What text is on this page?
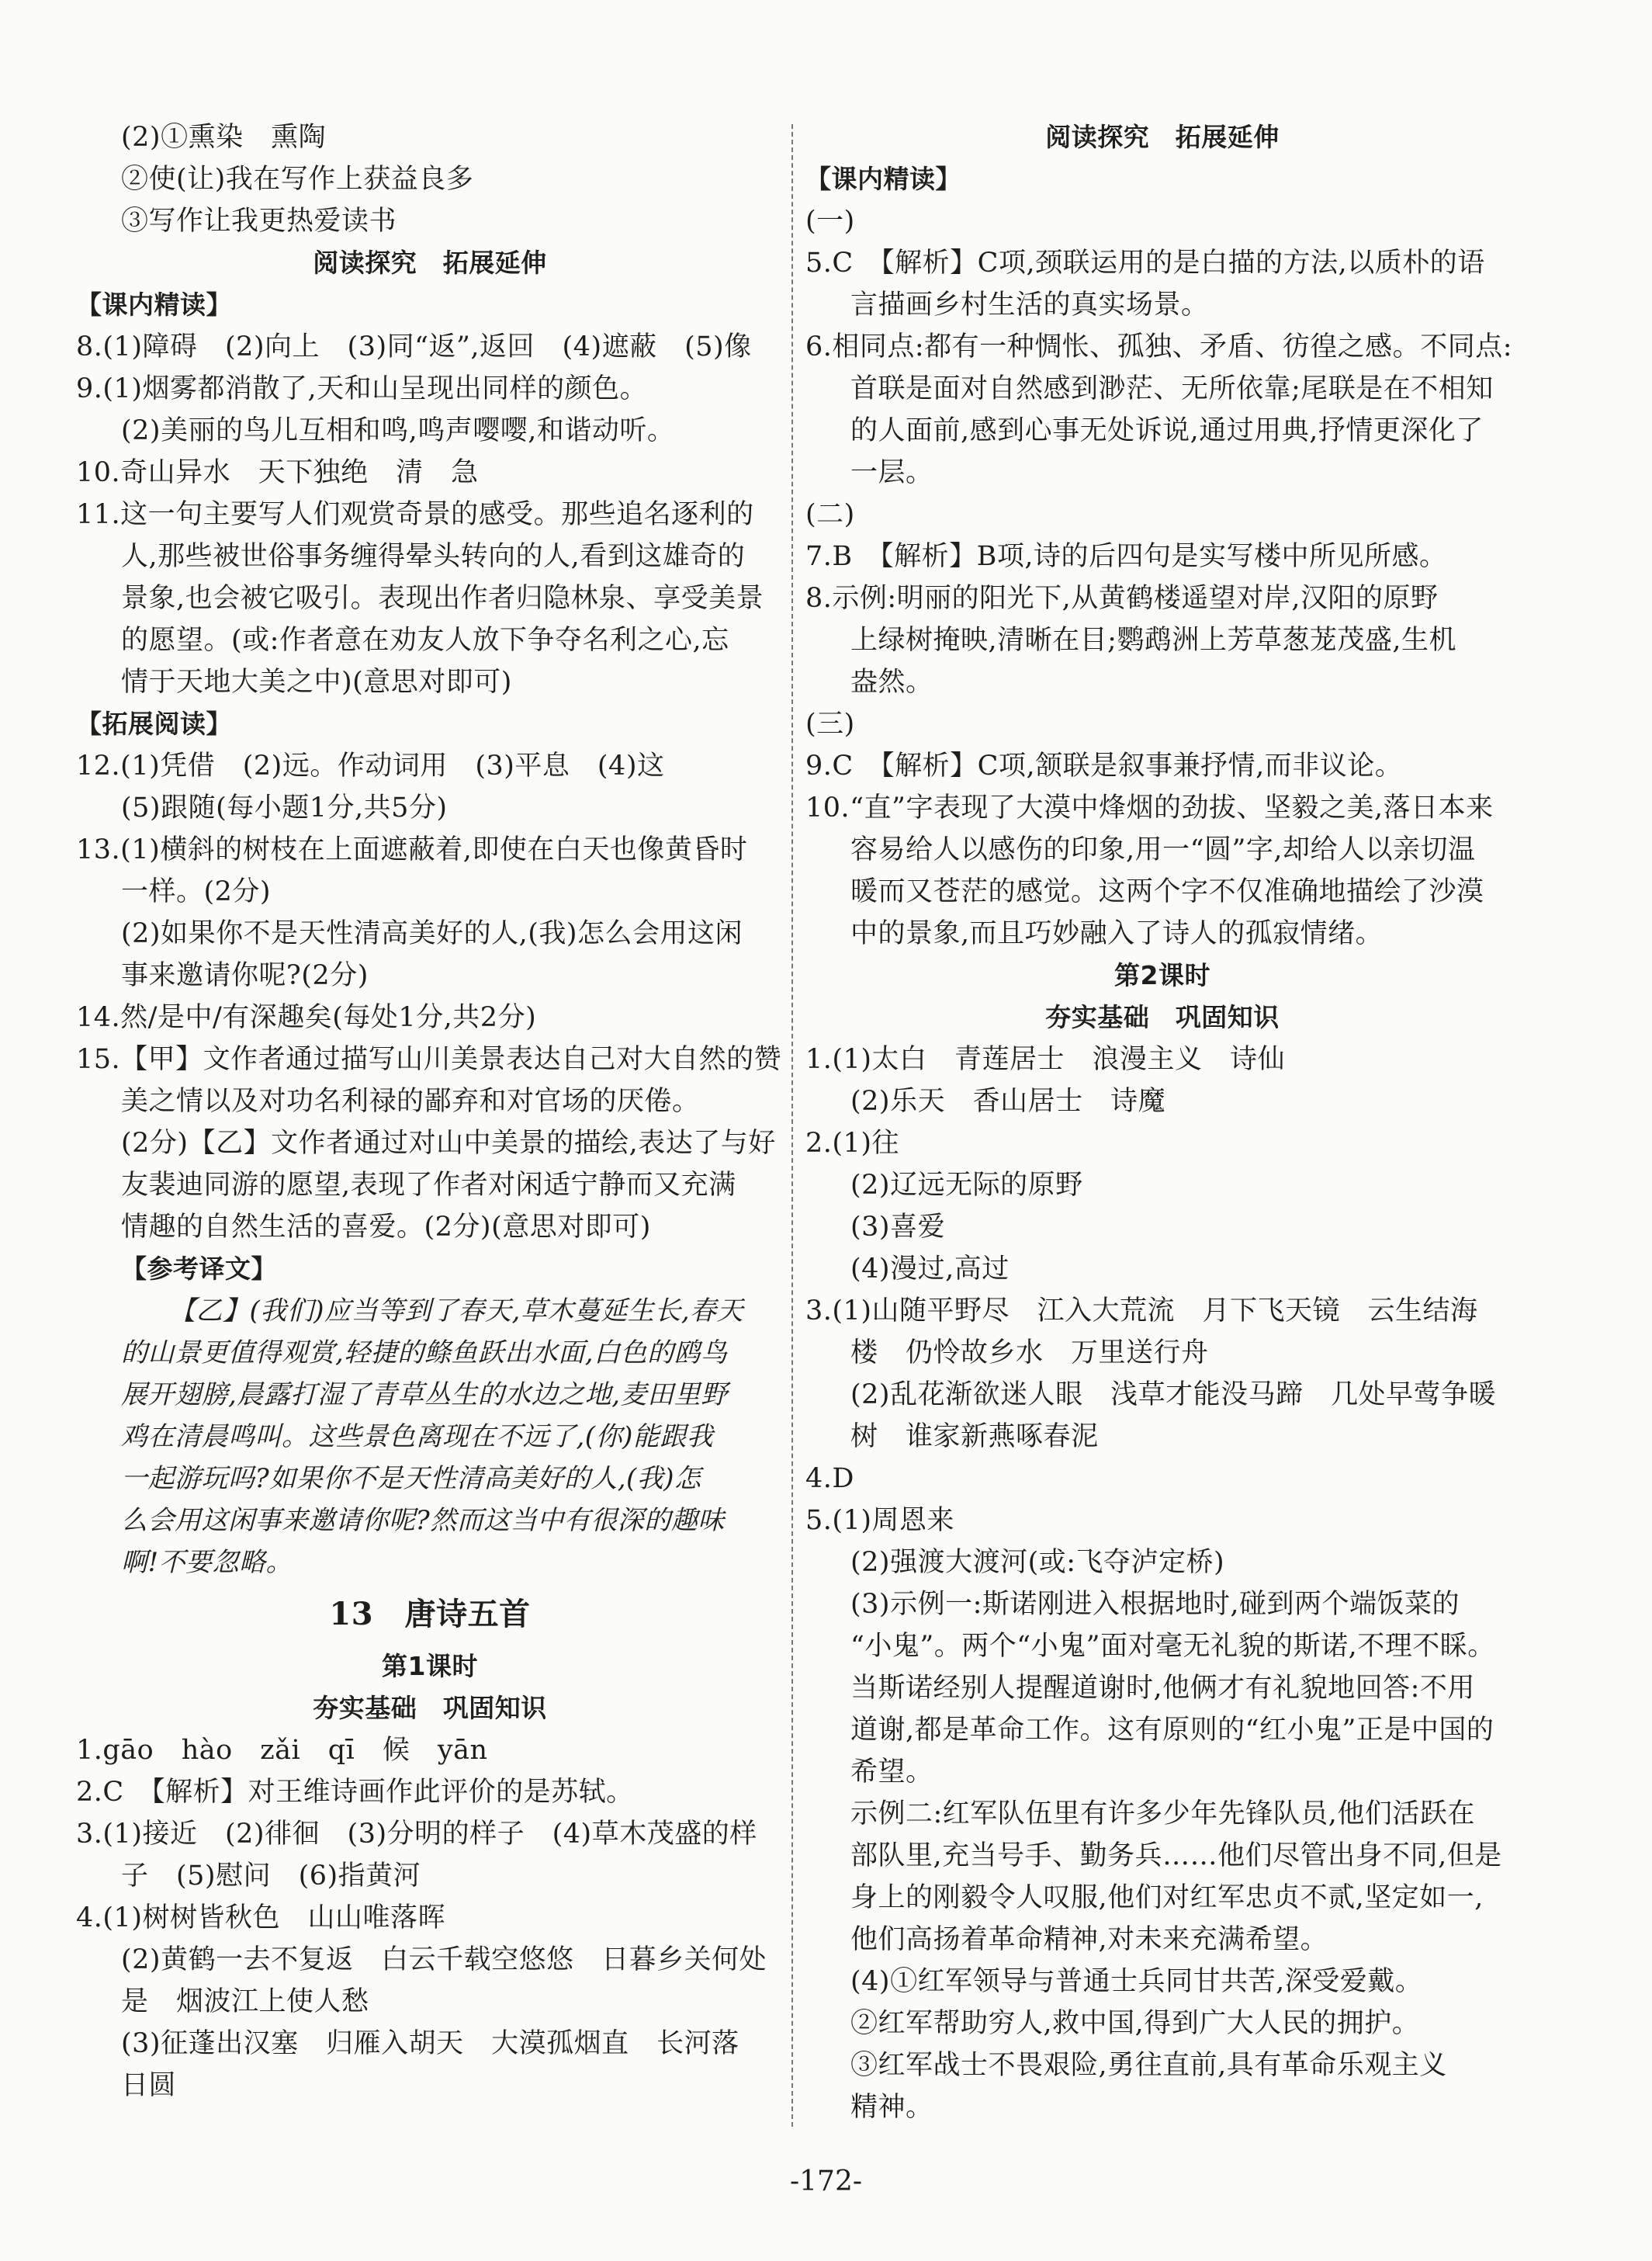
(2)①熏染　熏陶
②使(让)我在写作上获益良多
③写作让我更热爱读书
阅读探究　拓展延伸
【课内精读】
8.(1)障碍　(2)向上　(3)同“返”,返回　(4)遮蔽　(5)像
9.(1)烟雾都消散了,天和山呈现出同样的颜色。
(2)美丽的鸟儿互相和鸣,鸣声嘤嘤,和谐动听。
10.奇山异水　天下独绝　清　急
11.这一句主要写人们观赏奇景的感受。那些追名逐利的
人,那些被世俗事务缠得晕头转向的人,看到这雄奇的
景象,也会被它吸引。表现出作者归隐林泉、享受美景
的愿望。(或:作者意在劝友人放下争夺名利之心,忘
情于天地大美之中)(意思对即可)
【拓展阅读】
12.(1)凭借　(2)远。作动词用　(3)平息　(4)这
(5)跟随(每小题1分,共5分)
13.(1)横斜的树枝在上面遮蔽着,即使在白天也像黄昏时
一样。(2分)
(2)如果你不是天性清高美好的人,(我)怎么会用这闲
事来邀请你呢?(2分)
14.然/是中/有深趣矣(每处1分,共2分)
15.【甲】文作者通过描写山川美景表达自己对大自然的赞
美之情以及对功名利禄的鄙弃和对官场的厌倦。
(2分)【乙】文作者通过对山中美景的描绘,表达了与好
友裴迪同游的愿望,表现了作者对闲适宁静而又充满
情趣的自然生活的喜爱。(2分)(意思对即可)
【参考译文】
【乙】(我们)应当等到了春天,草木蔓延生长,春天
的山景更值得观赏,轻捷的鲦鱼跃出水面,白色的鸥鸟
展开翅膀,晨露打湿了青草丛生的水边之地,麦田里野
鸡在清晨鸣叫。这些景色离现在不远了,(你)能跟我
一起游玩吗?如果你不是天性清高美好的人,(我)怎
么会用这闲事来邀请你呢?然而这当中有很深的趣味
啊!不要忽略。
13　唐诗五首
第1课时
夯实基础　巩固知识
1.gāo　hào　zǎi　qī　候　yān
2.C　【解析】对王维诗画作此评价的是苏轼。
3.(1)接近　(2)徘徊　(3)分明的样子　(4)草木茂盛的样
子　(5)慰问　(6)指黄河
4.(1)树树皆秋色　山山唯落晖
(2)黄鹤一去不复返　白云千载空悠悠　日暮乡关何处
是　烟波江上使人愁
(3)征蓬出汉塞　归雁入胡天　大漠孤烟直　长河落
日圆
阅读探究　拓展延伸
【课内精读】
(一)
5.C　【解析】C项,颈联运用的是白描的方法,以质朴的语
言描画乡村生活的真实场景。
6.相同点:都有一种惆怅、孤独、矛盾、彷徨之感。不同点:
首联是面对自然感到渺茫、无所依靠;尾联是在不相知
的人面前,感到心事无处诉说,通过用典,抒情更深化了
一层。
(二)
7.B　【解析】B项,诗的后四句是实写楼中所见所感。
8.示例:明丽的阳光下,从黄鹤楼遥望对岸,汉阳的原野
上绿树掩映,清晰在目;鹦鹉洲上芳草葱茏茂盛,生机
盎然。
(三)
9.C　【解析】C项,颔联是叙事兼抒情,而非议论。
10.“直”字表现了大漠中烽烟的劲拔、坚毅之美,落日本来
容易给人以感伤的印象,用一“圆”字,却给人以亲切温
暖而又苍茫的感觉。这两个字不仅准确地描绘了沙漠
中的景象,而且巧妙融入了诗人的孤寂情绪。
第2课时
夯实基础　巩固知识
1.(1)太白　青莲居士　浪漫主义　诗仙
(2)乐天　香山居士　诗魔
2.(1)往
(2)辽远无际的原野
(3)喜爱
(4)漫过,高过
3.(1)山随平野尽　江入大荒流　月下飞天镜　云生结海
楼　仍怜故乡水　万里送行舟
(2)乱花渐欲迷人眼　浅草才能没马蹄　几处早莺争暖
树　谁家新燕啄春泥
4.D
5.(1)周恩来
(2)强渡大渡河(或:飞夺泸定桥)
(3)示例一:斯诺刚进入根据地时,碰到两个端饭菜的
“小鬼”。两个“小鬼”面对毫无礼貌的斯诺,不理不睬。
当斯诺经别人提醒道谢时,他俩才有礼貌地回答:不用
道谢,都是革命工作。这有原则的“红小鬼”正是中国的
希望。
示例二:红军队伍里有许多少年先锋队员,他们活跃在
部队里,充当号手、勤务兵……他们尽管出身不同,但是
身上的刚毅令人叹服,他们对红军忠贞不贰,坚定如一,
他们高扬着革命精神,对未来充满希望。
(4)①红军领导与普通士兵同甘共苦,深受爱戴。
②红军帮助穷人,救中国,得到广大人民的拥护。
③红军战士不畏艰险,勇往直前,具有革命乐观主义
精神。
-172-
